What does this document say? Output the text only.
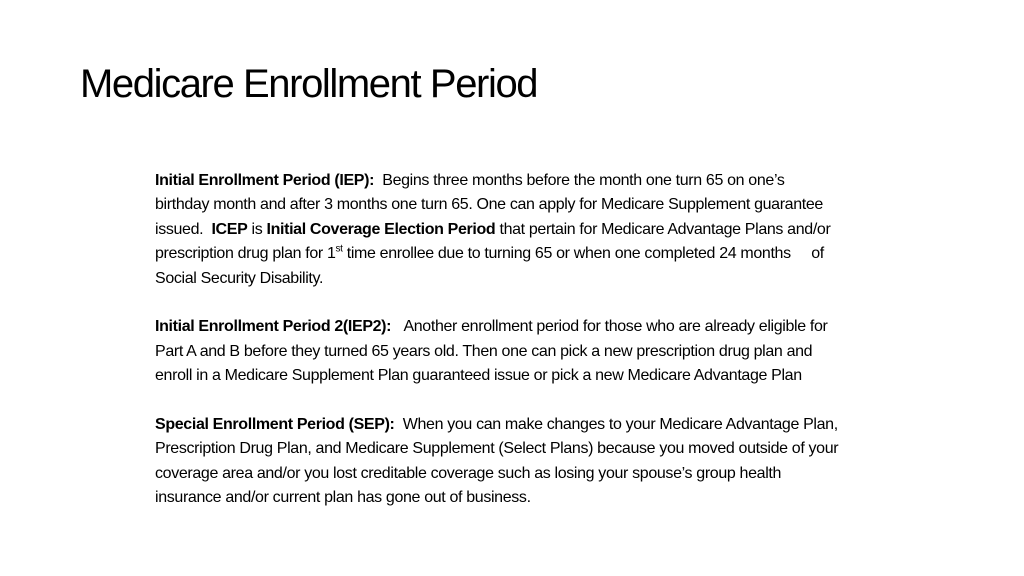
Medicare Enrollment Period
Initial Enrollment Period (IEP): Begins three months before the month one turn 65 on one’s
birthday month and after 3 months one turn 65. One can apply for Medicare Supplement guarantee
issued. ICEP is Initial Coverage Election Period that pertain for Medicare Advantage Plans and/or
prescription drug plan for 1st time enrollee due to turning 65 or when one completed 24 months of
Social Security Disability.
Initial Enrollment Period 2(IEP2): Another enrollment period for those who are already eligible for
Part A and B before they turned 65 years old. Then one can pick a new prescription drug plan and
enroll in a Medicare Supplement Plan guaranteed issue or pick a new Medicare Advantage Plan
Special Enrollment Period (SEP): When you can make changes to your Medicare Advantage Plan,
Prescription Drug Plan, and Medicare Supplement (Select Plans) because you moved outside of your
coverage area and/or you lost creditable coverage such as losing your spouse’s group health
insurance and/or current plan has gone out of business.
